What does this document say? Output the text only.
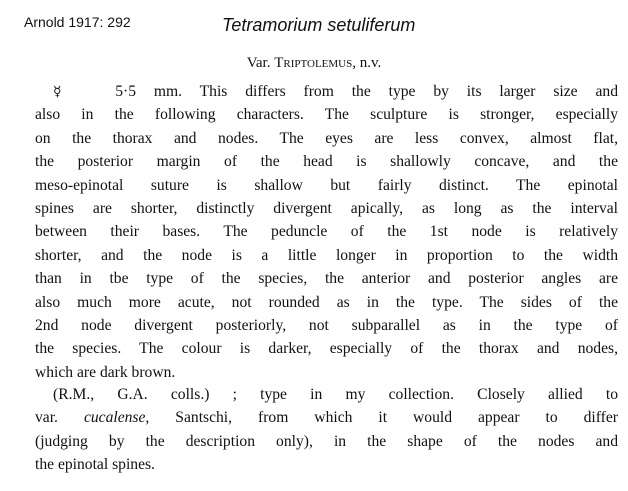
Arnold 1917: 292	Tetramorium setuliferum
Var. Triptolemus, n.v.
☿	5·5 mm. This differs from the type by its larger size and
also in the following characters. The sculpture is stronger, especially
on the thorax and nodes. The eyes are less convex, almost flat,
the posterior margin of the head is shallowly concave, and the
meso-epinotal suture is shallow but fairly distinct. The epinotal
spines are shorter, distinctly divergent apically, as long as the interval
between their bases. The peduncle of the 1st node is relatively
shorter, and the node is a little longer in proportion to the width
than in tbe type of the species, the anterior and posterior angles are
also much more acute, not rounded as in the type. The sides of the
2nd node divergent posteriorly, not subparallel as in the type of
the species. The colour is darker, especially of the thorax and nodes,
which are dark brown.
(R.M., G.A. colls.) ; type in my collection. Closely allied to
var. cucalense, Santschi, from which it would appear to differ
(judging by the description only), in the shape of the nodes and
the epinotal spines.
